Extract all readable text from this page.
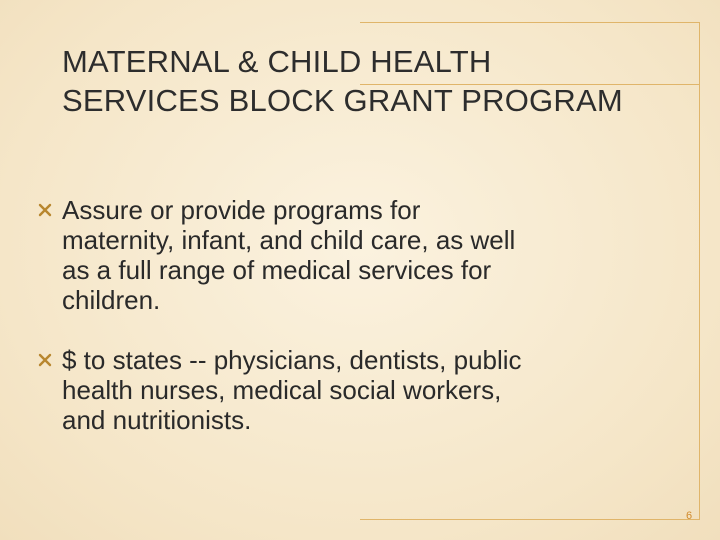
MATERNAL & CHILD HEALTH
SERVICES BLOCK GRANT PROGRAM
Assure or provide programs for
maternity, infant, and child care, as well
as a full range of medical services for
children.
$ to states -- physicians, dentists, public
health nurses, medical social workers,
and nutritionists.
6
